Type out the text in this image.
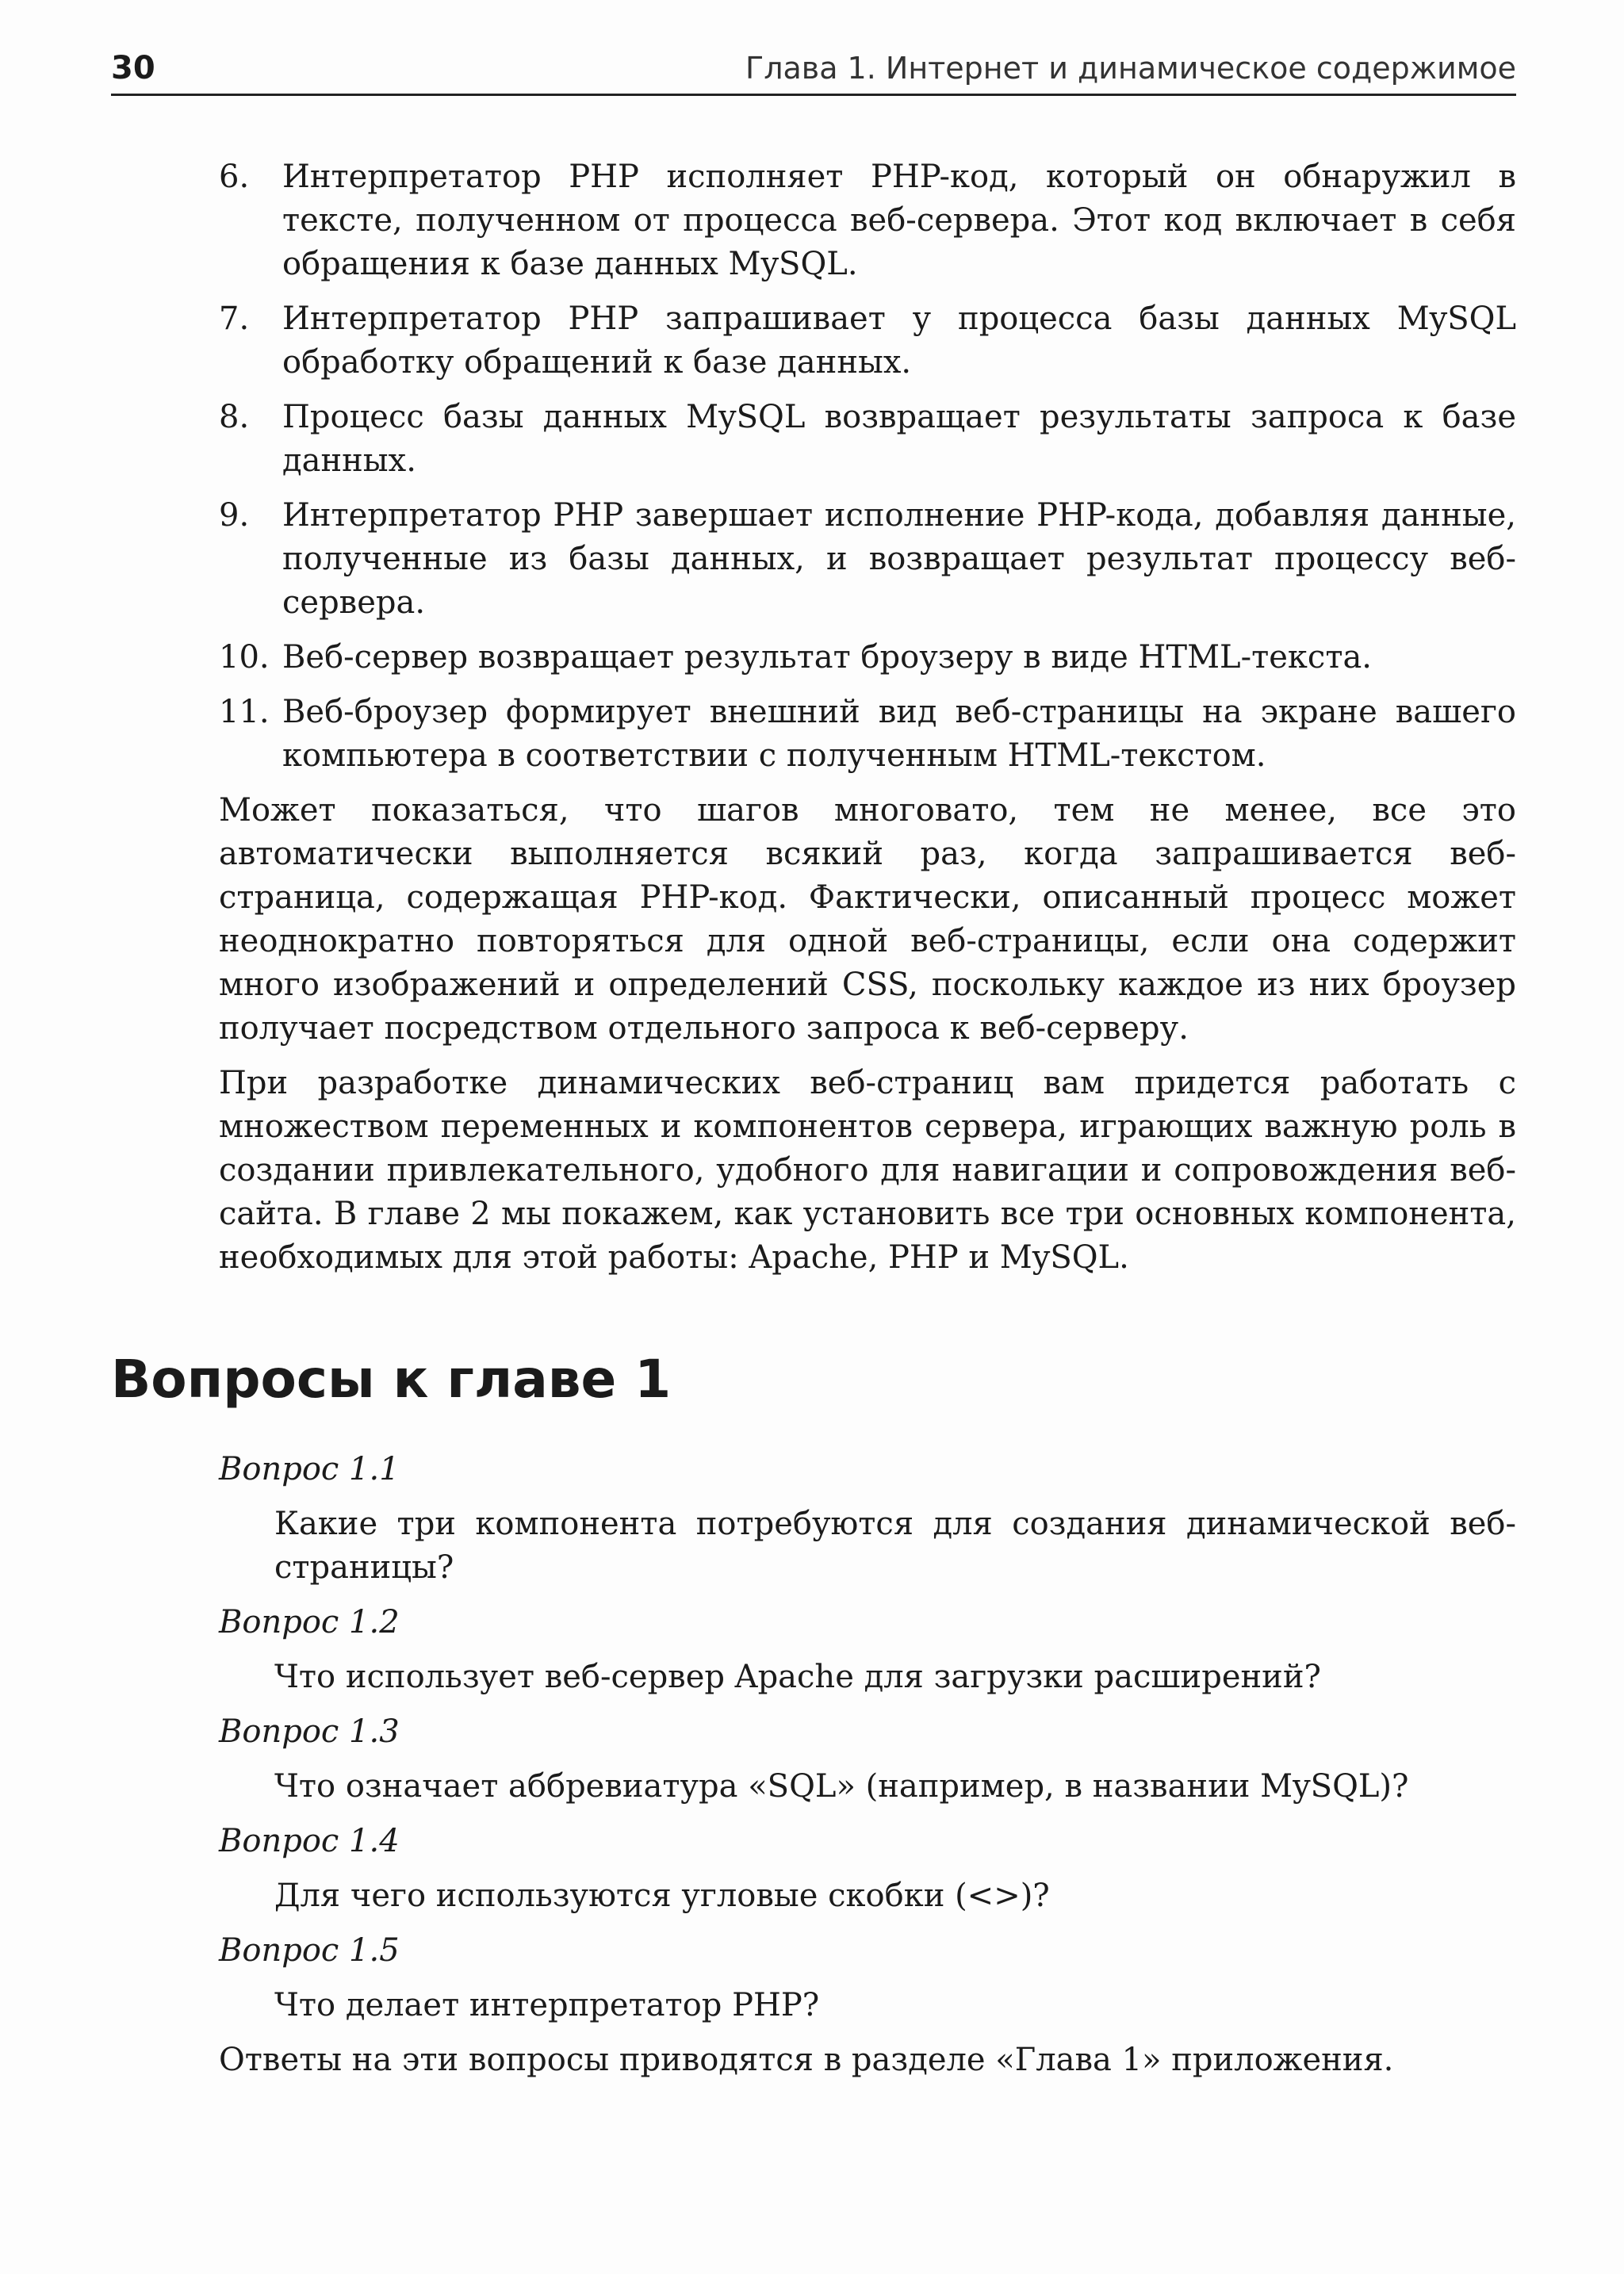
30	Глава 1. Интернет и динамическое содержимое
6. Интерпретатор PHP исполняет PHP-код, который он обнаружил в тексте, полученном от процесса веб-сервера. Этот код включает в себя обращения к базе данных MySQL.
7. Интерпретатор PHP запрашивает у процесса базы данных MySQL обработку обращений к базе данных.
8. Процесс базы данных MySQL возвращает результаты запроса к базе данных.
9. Интерпретатор PHP завершает исполнение PHP-кода, добавляя данные, полученные из базы данных, и возвращает результат процессу веб-сервера.
10. Веб-сервер возвращает результат броузеру в виде HTML-текста.
11. Веб-броузер формирует внешний вид веб-страницы на экране вашего компьютера в соответствии с полученным HTML-текстом.

Может показаться, что шагов многовато, тем не менее, все это автоматически выполняется всякий раз, когда запрашивается веб-страница, содержащая PHP-код. Фактически, описанный процесс может неоднократно повторяться для одной веб-страницы, если она содержит много изображений и определений CSS, поскольку каждое из них броузер получает посредством отдельного запроса к веб-серверу.

При разработке динамических веб-страниц вам придется работать с множеством переменных и компонентов сервера, играющих важную роль в создании привлекательного, удобного для навигации и сопровождения веб-сайта. В главе 2 мы покажем, как установить все три основных компонента, необходимых для этой работы: Apache, PHP и MySQL.

Вопросы к главе 1

Вопрос 1.1

Какие три компонента потребуются для создания динамической веб-страницы?

Вопрос 1.2

Что использует веб-сервер Apache для загрузки расширений?

Вопрос 1.3

Что означает аббревиатура «SQL» (например, в названии MySQL)?

Вопрос 1.4

Для чего используются угловые скобки (<>)?

Вопрос 1.5

Что делает интерпретатор PHP?

Ответы на эти вопросы приводятся в разделе «Глава 1» приложения.
